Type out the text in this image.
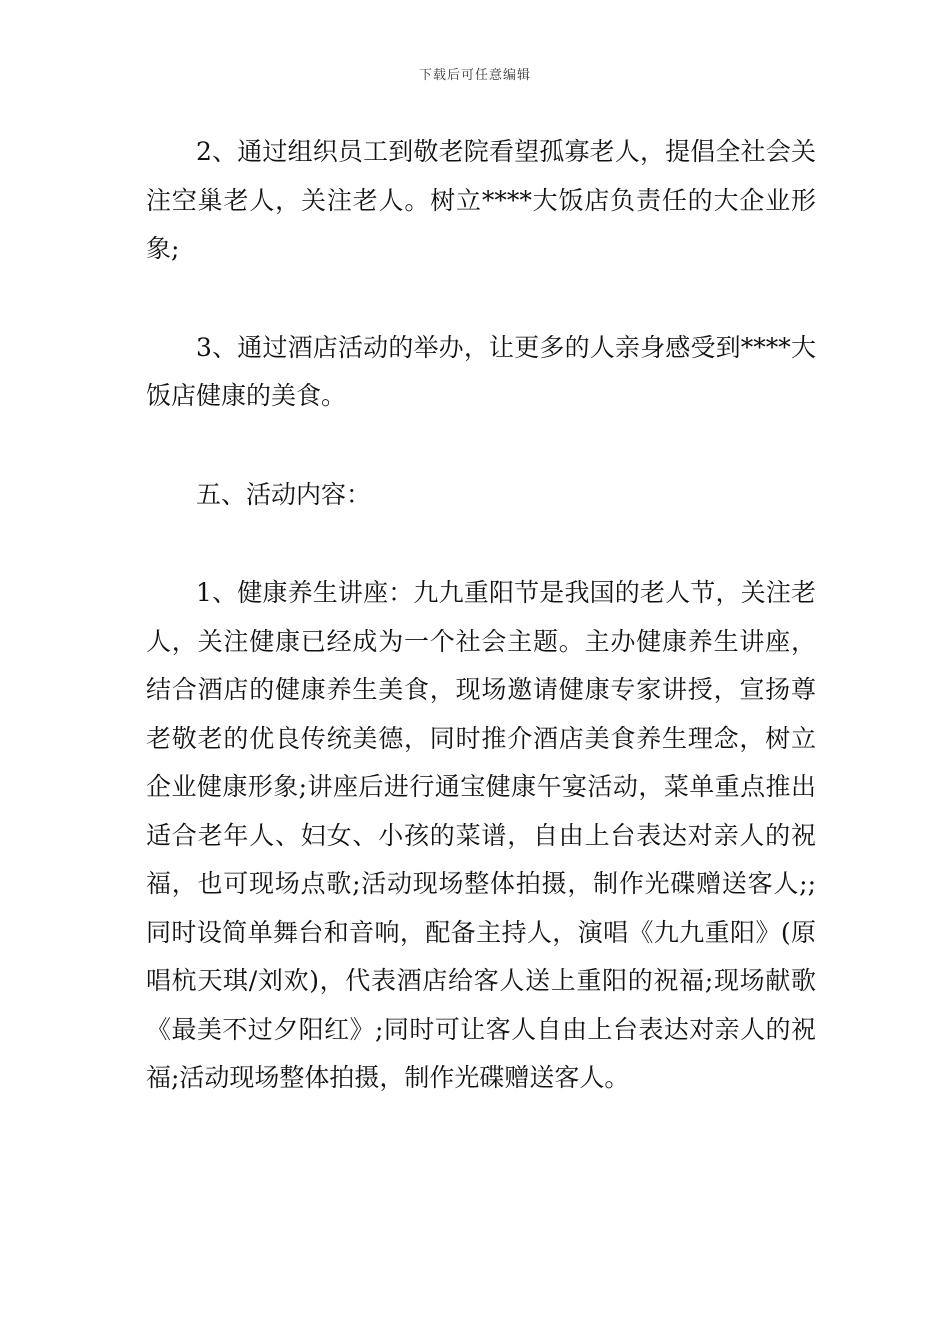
下载后可任意编辑

2、通过组织员工到敬老院看望孤寡老人，提倡全社会关注空巢老人，关注老人。树立****大饭店负责任的大企业形象;

3、通过酒店活动的举办，让更多的人亲身感受到****大饭店健康的美食。

五、活动内容：

1、健康养生讲座：九九重阳节是我国的老人节，关注老人，关注健康已经成为一个社会主题。主办健康养生讲座，结合酒店的健康养生美食，现场邀请健康专家讲授，宣扬尊老敬老的优良传统美德，同时推介酒店美食养生理念，树立企业健康形象;讲座后进行通宝健康午宴活动，菜单重点推出适合老年人、妇女、小孩的菜谱，自由上台表达对亲人的祝福，也可现场点歌;活动现场整体拍摄，制作光碟赠送客人;;同时设简单舞台和音响，配备主持人，演唱《九九重阳》(原唱杭天琪/刘欢)，代表酒店给客人送上重阳的祝福;现场献歌《最美不过夕阳红》;同时可让客人自由上台表达对亲人的祝福;活动现场整体拍摄，制作光碟赠送客人。
